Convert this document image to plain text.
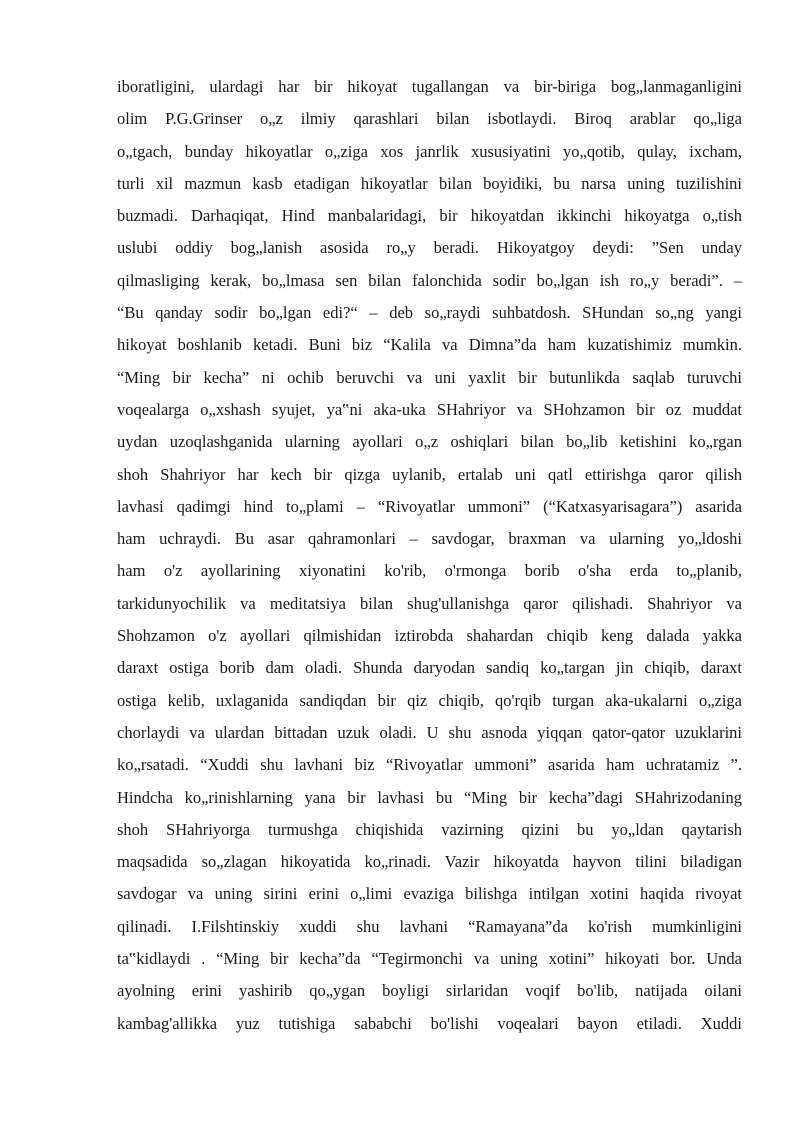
iboratligini, ulardagi har bir hikoyat tugallangan va bir-biriga bog„lanmaganligini
olim P.G.Grinser o„z ilmiy qarashlari bilan isbotlaydi. Biroq arablar qo„liga
o„tgach, bunday hikoyatlar o„ziga xos janrlik xususiyatini yo„qotib, qulay, ixcham,
turli xil mazmun kasb etadigan hikoyatlar bilan boyidiki, bu narsa uning tuzilishini
buzmadi. Darhaqiqat, Hind manbalaridagi, bir hikoyatdan ikkinchi hikoyatga o„tish
uslubi oddiy bog„lanish asosida ro„y beradi. Hikoyatgoy deydi: ”Sen unday
qilmasliging kerak, bo„lmasa sen bilan falonchida sodir bo„lgan ish ro„y beradi”. –
“Bu qanday sodir bo„lgan edi?“ – deb so„raydi suhbatdosh. SHundan so„ng yangi
hikoyat boshlanib ketadi. Buni biz “Kalila va Dimna”da ham kuzatishimiz mumkin.
“Ming bir kecha” ni ochib beruvchi va uni yaxlit bir butunlikda saqlab turuvchi
voqealarga o„xshash syujet, ya‟ni aka-uka SHahriyor va SHohzamon bir oz muddat
uydan uzoqlashganida ularning ayollari o„z oshiqlari bilan bo„lib ketishini ko„rgan
shoh Shahriyor har kech bir qizga uylanib, ertalab uni qatl ettirishga qaror qilish
lavhasi qadimgi hind to„plami – “Rivoyatlar ummoni” (“Katxasyarisagara”) asarida
ham uchraydi. Bu asar qahramonlari – savdogar, braxman va ularning yo„ldoshi
ham o'z ayollarining xiyonatini ko'rib, o'rmonga borib o'sha erda to„planib,
tarkidunyochilik va meditatsiya bilan shug'ullanishga qaror qilishadi. Shahriyor va
Shohzamon o'z ayollari qilmishidan iztirobda shahardan chiqib keng dalada yakka
daraxt ostiga borib dam oladi. Shunda daryodan sandiq ko„targan jin chiqib, daraxt
ostiga kelib, uxlaganida sandiqdan bir qiz chiqib, qo'rqib turgan aka-ukalarni o„ziga
chorlaydi va ulardan bittadan uzuk oladi. U shu asnoda yiqqan qator-qator uzuklarini
ko„rsatadi. “Xuddi shu lavhani biz “Rivoyatlar ummoni” asarida ham uchratamiz ”.
Hindcha ko„rinishlarning yana bir lavhasi bu “Ming bir kecha”dagi SHahrizodaning
shoh SHahriyorga turmushga chiqishida vazirning qizini bu yo„ldan qaytarish
maqsadida so„zlagan hikoyatida ko„rinadi. Vazir hikoyatda hayvon tilini biladigan
savdogar va uning sirini erini o„limi evaziga bilishga intilgan xotini haqida rivoyat
qilinadi. I.Filshtinskiy xuddi shu lavhani “Ramayana”da ko'rish mumkinligini
ta‟kidlaydi . “Ming bir kecha”da “Tegirmonchi va uning xotini” hikoyati bor. Unda
ayolning erini yashirib qo„ygan boyligi sirlaridan voqif bo'lib, natijada oilani
kambag'allikka yuz tutishiga sababchi bo'lishi voqealari bayon etiladi. Xuddi
